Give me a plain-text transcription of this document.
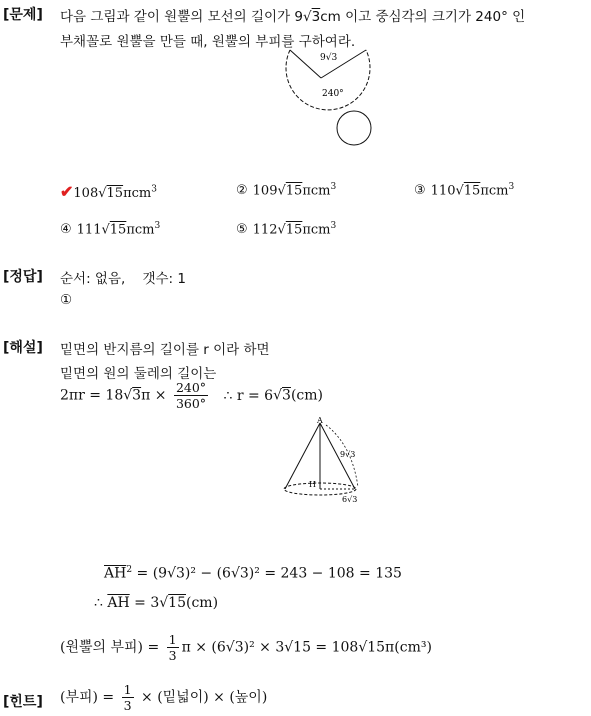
[문제] 다음 그림과 같이 원뿔의 모선의 길이가 9√3cm 이고 중심각의 크기가 240° 인
부채꼴로 원뿔을 만들 때, 원뿔의 부피를 구하여라.
9√3
240°
✔108√15πcm$^3$	② 109√15πcm$^3$	③ 110√15πcm$^3$
④ 111√15πcm$^3$	⑤ 112√15πcm$^3$
[정답] 순서: 없음,    갯수: 1
①
[해설] 밑면의 반지름의 길이를 r 이라 하면
밑면의 원의 둘레의 길이는
$2\pi r = 18√3\pi \times \frac{240^\circ}{360^\circ}$ ∴ r = 6√3(cm)
A
H
9√3
6√3
$\overline{AH}^2 = (9√3)^2 - (6√3)^2 = 243 - 108 = 135$
∴ $\overline{AH} = 3√15(cm)$
(원뿔의 부피) = $\frac{1}{3}$ π × (6√3)² × 3√15 = 108√15π(cm³)
[힌트] (부피) = $\frac{1}{3}$ × (밑넓이) × (높이)
